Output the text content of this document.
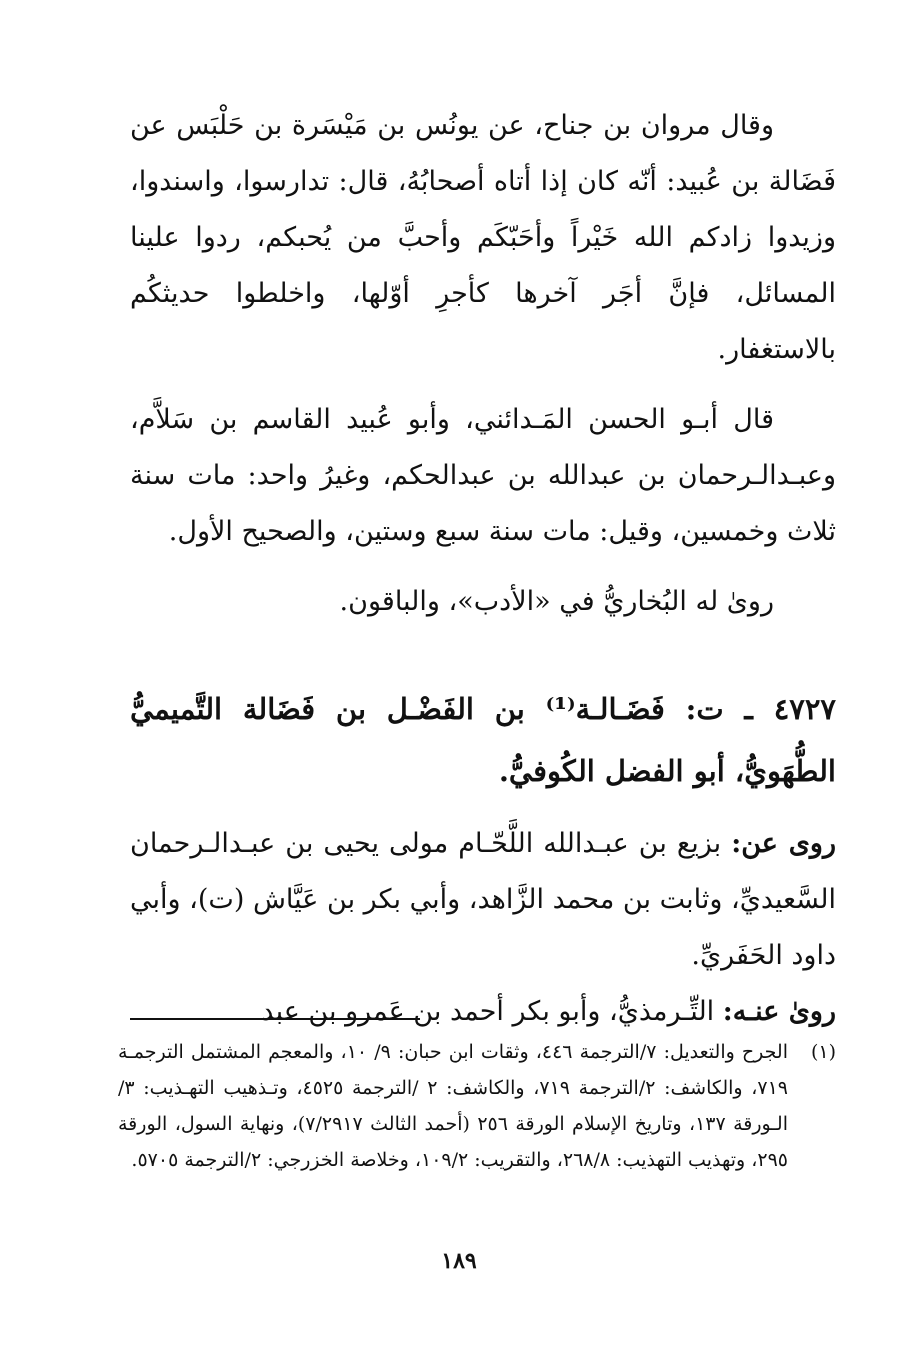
وقال مروان بن جناح، عن يونُس بن مَيْسَرة بن حَلْبَس عن فَضَالة بن عُبيد: أنّه كان إذا أتاه أصحابُهُ، قال: تدارسوا، واسندوا، وزيدوا زادكم الله خَيْراً وأحَبّكَم وأحبَّ من يُحبكم، ردوا علينا المسائل، فإنَّ أجَر آخرها كأجرِ أوّلها، واخلطوا حديثكُم بالاستغفار.

قال أبـو الحسن المَـدائني، وأبو عُبيد القاسم بن سَلاَّم، وعبـدالـرحمان بن عبدالله بن عبدالحكم، وغيرُ واحد: مات سنة ثلاث وخمسين، وقيل: مات سنة سبع وستين، والصحيح الأول.

روىٰ له البُخاريُّ في «الأدب»، والباقون.

٤٧٢٧ ـ ت: فَضَـالـة⁽¹⁾ بن الفَضْـل بن فَضَالة التَّميميُّ الطُّهَويُّ، أبو الفضل الكُوفيُّ.

روى عن: بزيع بن عبـدالله اللَّحّـام مولى يحيى بن عبـدالـرحمان السَّعيديِّ، وثابت بن محمد الزَّاهد، وأبي بكر بن عَيَّاش (ت)، وأبي داود الحَفَريِّ.

روىٰ عنـه: التِّـرمذيُّ، وأبو بكر أحمد بن عَمرو بن عبد

(١)
الجرح والتعديل: ٧/الترجمة ٤٤٦، وثقات ابن حبان: ٩/ ١٠، والمعجم المشتمل الترجمـة ٧١٩، والكاشف: ٢/الترجمة ٧١٩، والكاشف: ٢ /الترجمة ٤٥٢٥، وتـذهيب التهـذيب: ٣/الـورقة ١٣٧، وتاريخ الإسلام الورقة ٢٥٦ (أحمد الثالث ٧/٢٩١٧)، ونهاية السول، الورقة ٢٩٥، وتهذيب التهذيب: ٢٦٨/٨، والتقريب: ١٠٩/٢، وخلاصة الخزرجي: ٢/الترجمة ٥٧٠٥.
١٨٩
